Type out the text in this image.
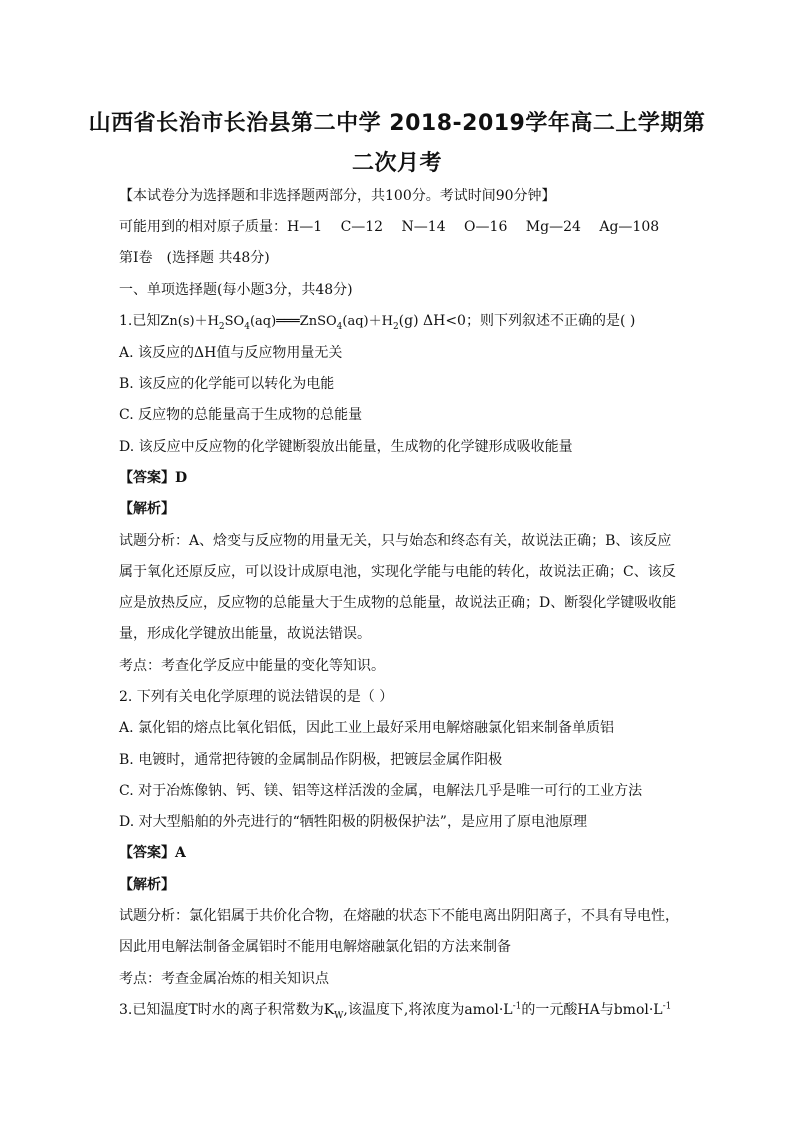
山西省长治市长治县第二中学 2018-2019学年高二上学期第
二次月考
【本试卷分为选择题和非选择题两部分，共100分。考试时间90分钟】
可能用到的相对原子质量：H—1　 C—12　 N—14　 O—16　 Mg—24　 Ag—108
第Ⅰ卷　(选择题 共48分)
一、单项选择题(每小题3分，共48分)
1.已知$Zn(s)+H_2SO_4(aq)═══ZnSO_4(aq)+H_2(g)$ ΔH<0；则下列叙述不正确的是( )
A. 该反应的ΔH值与反应物用量无关
B. 该反应的化学能可以转化为电能
C. 反应物的总能量高于生成物的总能量
D. 该反应中反应物的化学键断裂放出能量，生成物的化学键形成吸收能量
【答案】D
【解析】
试题分析：A、焓变与反应物的用量无关，只与始态和终态有关，故说法正确；B、该反应
属于氧化还原反应，可以设计成原电池，实现化学能与电能的转化，故说法正确；C、该反
应是放热反应，反应物的总能量大于生成物的总能量，故说法正确；D、断裂化学键吸收能
量，形成化学键放出能量，故说法错误。
考点：考查化学反应中能量的变化等知识。
2. 下列有关电化学原理的说法错误的是（ ）
A. 氯化铝的熔点比氧化铝低，因此工业上最好采用电解熔融氯化铝来制备单质铝
B. 电镀时，通常把待镀的金属制品作阴极，把镀层金属作阳极
C. 对于冶炼像钠、钙、镁、铝等这样活泼的金属，电解法几乎是唯一可行的工业方法
D. 对大型船舶的外壳进行的“牺牲阳极的阴极保护法”，是应用了原电池原理
【答案】A
【解析】
试题分析：氯化铝属于共价化合物，在熔融的状态下不能电离出阴阳离子，不具有导电性，
因此用电解法制备金属铝时不能用电解熔融氯化铝的方法来制备
考点：考查金属冶炼的相关知识点
3.已知温度T时水的离子积常数为$K_W$,该温度下,将浓度为$amol\cdot L^{-1}$的一元酸HA与$bmol\cdot L^{-1}$
